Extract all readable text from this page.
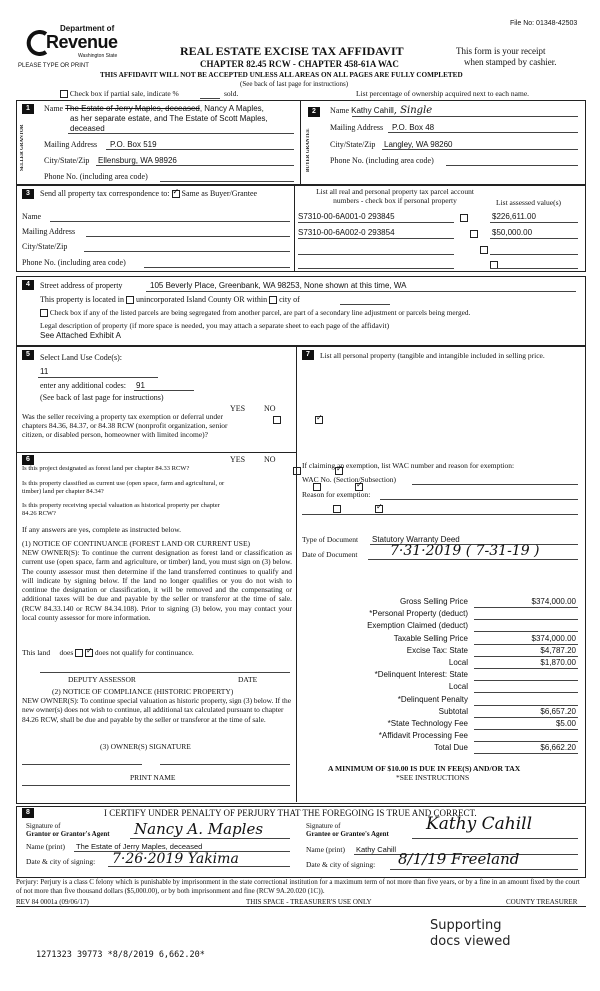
File No: 01348-42503
Department of
Revenue
Washington State
PLEASE TYPE OR PRINT
REAL ESTATE EXCISE TAX AFFIDAVIT
CHAPTER 82.45 RCW - CHAPTER 458-61A WAC
This form is your receipt
when stamped by cashier.
THIS AFFIDAVIT WILL NOT BE ACCEPTED UNLESS ALL AREAS ON ALL PAGES ARE FULLY COMPLETED
(See back of last page for instructions)
Check box if partial sale, indicate %	sold.	List percentage of ownership acquired next to each name.
1
SELLER GRANTOR
Name The Estate of Jerry Maples, deceased, Nancy A Maples,
as her separate estate, and The Estate of Scott Maples,
deceased
Mailing Address P.O. Box 519
City/State/Zip Ellensburg, WA 98926
Phone No. (including area code)
2
BUYER GRANTEE
Name Kathy Cahill, Single
Mailing Address P.O. Box 48
City/State/Zip Langley, WA 98260
Phone No. (including area code)
3	Send all property tax correspondence to: ✓ Same as Buyer/Grantee
Name
Mailing Address
City/State/Zip
Phone No. (including area code)
List all real and personal property tax parcel account
numbers - check box if personal property	List assessed value(s)
S7310-00-6A001-0 293845
	$226,611.00
S7310-00-6A002-0 293854
	$50,000.00

4	Street address of property	105 Beverly Place, Greenbank, WA 98253, None shown at this time, WA
This property is located in unincorporated Island County OR within city of
Check box if any of the listed parcels are being segregated from another parcel, are part of a secondary line adjustment or parcels being merged.
Legal description of property (if more space is needed, you may attach a separate sheet to each page of the affidavit)
See Attached Exhibit A
5	Select Land Use Code(s):
11
enter any additional codes: 91
(See back of last page for instructions)
YES NO
Was the seller receiving a property tax exemption or deferral under chapters 84.36, 84.37, or 84.38 RCW (nonprofit organization, senior citizen, or disabled person, homeowner with limited income)?
✓
6	YES NO
Is this project designated as forest land per chapter 84.33 RCW?
✓
Is this property classified as current use (open space, farm and agricultural, or timber) land per chapter 84.34?
✓
Is this property receiving special valuation as historical property per chapter 84.26 RCW?
✓
If any answers are yes, complete as instructed below.
(1) NOTICE OF CONTINUANCE (FOREST LAND OR CURRENT USE)
NEW OWNER(S): To continue the current designation as forest land or classification as current use (open space, farm and agriculture, or timber) land, you must sign on (3) below. The county assessor must then determine if the land transferred continues to qualify and will indicate by signing below. If the land no longer qualifies or you do not wish to continue the designation or classification, it will be removed and the compensating or additional taxes will be due and payable by the seller or transferor at the time of sale. (RCW 84.33.140 or RCW 84.34.108). Prior to signing (3) below, you may contact your local county assessor for more information.
This land does ✓	does not qualify for continuance.
DEPUTY ASSESSOR	DATE
(2) NOTICE OF COMPLIANCE (HISTORIC PROPERTY)
NEW OWNER(S): To continue special valuation as historic property, sign (3) below. If the new owner(s) does not wish to continue, all additional tax calculated pursuant to chapter 84.26 RCW, shall be due and payable by the seller or transferor at the time of sale.
(3) OWNER(S) SIGNATURE
PRINT NAME
7	List all personal property (tangible and intangible included in selling price.
If claiming an exemption, list WAC number and reason for exemption:
WAC No. (Section/Subsection)
Reason for exemption:
Type of Document Statutory Warranty Deed
Date of Document 7·31·2019 ( 7-31-19 )
Gross Selling Price	$374,000.00
*Personal Property (deduct)
Exemption Claimed (deduct)
Taxable Selling Price	$374,000.00
Excise Tax: State	$4,787.20
Local	$1,870.00
*Delinquent Interest: State
Local
*Delinquent Penalty
Subtotal	$6,657.20
*State Technology Fee	$5.00
*Affidavit Processing Fee
Total Due	$6,662.20
A MINIMUM OF $10.00 IS DUE IN FEE(S) AND/OR TAX
*SEE INSTRUCTIONS
8	I CERTIFY UNDER PENALTY OF PERJURY THAT THE FOREGOING IS TRUE AND CORRECT.
Signature of
Grantor or Grantor's Agent Nancy A. Maples
Name (print) The Estate of Jerry Maples, deceased
Date & city of signing: 7·26·2019 Yakima
Signature of
Grantee or Grantee's Agent Kathy Cahill
Name (print) Kathy Cahill
Date & city of signing: 8/1/19 Freeland
Perjury: Perjury is a class C felony which is punishable by imprisonment in the state correctional institution for a maximum term of not more than five years, or by a fine in an amount fixed by the court of not more than five thousand dollars ($5,000.00), or by both imprisonment and fine (RCW 9A.20.020 (1C)).
REV 84 0001a (09/06/17)	THIS SPACE - TREASURER'S USE ONLY	COUNTY TREASURER
Supporting
docs viewed
1271323 39773 *8/8/2019 6,662.20*
